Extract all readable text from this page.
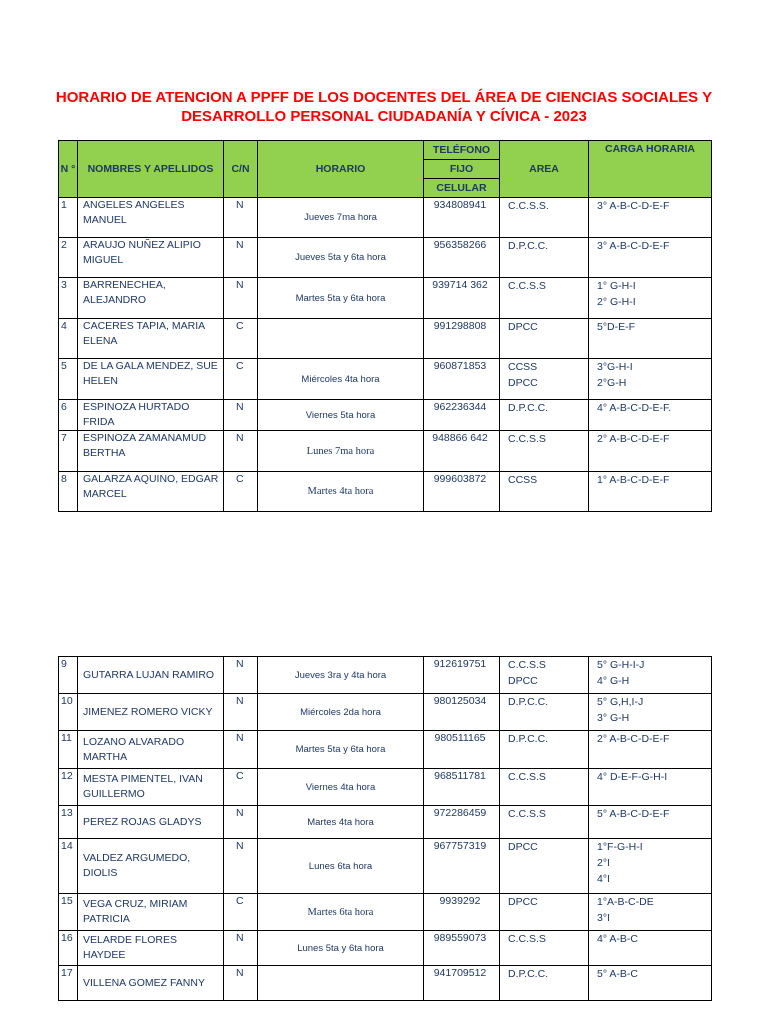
HORARIO DE ATENCION A PPFF DE LOS DOCENTES DEL ÁREA DE CIENCIAS SOCIALES Y
DESARROLLO PERSONAL CIUDADANÍA Y CÍVICA - 2023
N °	NOMBRES Y APELLIDOS	C/N	HORARIO	TELÉFONO
FIJO
CELULAR	AREA	CARGA HORARIA
1	ANGELES ANGELES MANUEL	N	Jueves 7ma hora	934808941	C.C.S.S.	3° A-B-C-D-E-F
2	ARAUJO NUÑEZ ALIPIO MIGUEL	N	Jueves 5ta y 6ta hora	956358266	D.P.C.C.	3° A-B-C-D-E-F
3	BARRENECHEA, ALEJANDRO	N	Martes 5ta y 6ta hora	939714 362	C.C.S.S	1° G-H-I
2° G-H-I
4	CACERES TAPIA, MARIA ELENA	C		991298808	DPCC	5°D-E-F
5	DE LA GALA MENDEZ, SUE HELEN	C	Miércoles 4ta hora	960871853	CCSS
DPCC	3°G-H-I
2°G-H
6	ESPINOZA HURTADO FRIDA	N	Viernes 5ta hora	962236344	D.P.C.C.	4° A-B-C-D-E-F.
7	ESPINOZA ZAMANAMUD BERTHA	N	Lunes 7ma hora	948866 642	C.C.S.S	2° A-B-C-D-E-F
8	GALARZA AQUINO, EDGAR MARCEL	C	Martes 4ta hora	999603872	CCSS	1° A-B-C-D-E-F
9	GUTARRA LUJAN RAMIRO	N	Jueves 3ra y 4ta hora	912619751	C.C.S.S
DPCC	5° G-H-I-J
4° G-H
10	JIMENEZ ROMERO VICKY	N	Miércoles 2da hora	980125034	D.P.C.C.	5° G,H,I-J
3° G-H
11	LOZANO ALVARADO MARTHA	N	Martes 5ta y 6ta hora	980511165	D.P.C.C.	2° A-B-C-D-E-F
12	MESTA PIMENTEL, IVAN GUILLERMO	C	Viernes 4ta hora	968511781	C.C.S.S	4° D-E-F-G-H-I
13	PEREZ ROJAS GLADYS	N	Martes 4ta hora	972286459	C.C.S.S	5° A-B-C-D-E-F
14	VALDEZ ARGUMEDO, DIOLIS	N	Lunes 6ta hora	967757319	DPCC	1°F-G-H-I
2°I
4°I
15	VEGA CRUZ, MIRIAM PATRICIA	C	Martes 6ta hora	9939292	DPCC	1°A-B-C-DE
3°I
16	VELARDE FLORES HAYDEE	N	Lunes 5ta y 6ta hora	989559073	C.C.S.S	4° A-B-C
17	VILLENA GOMEZ FANNY	N		941709512	D.P.C.C.	5° A-B-C
